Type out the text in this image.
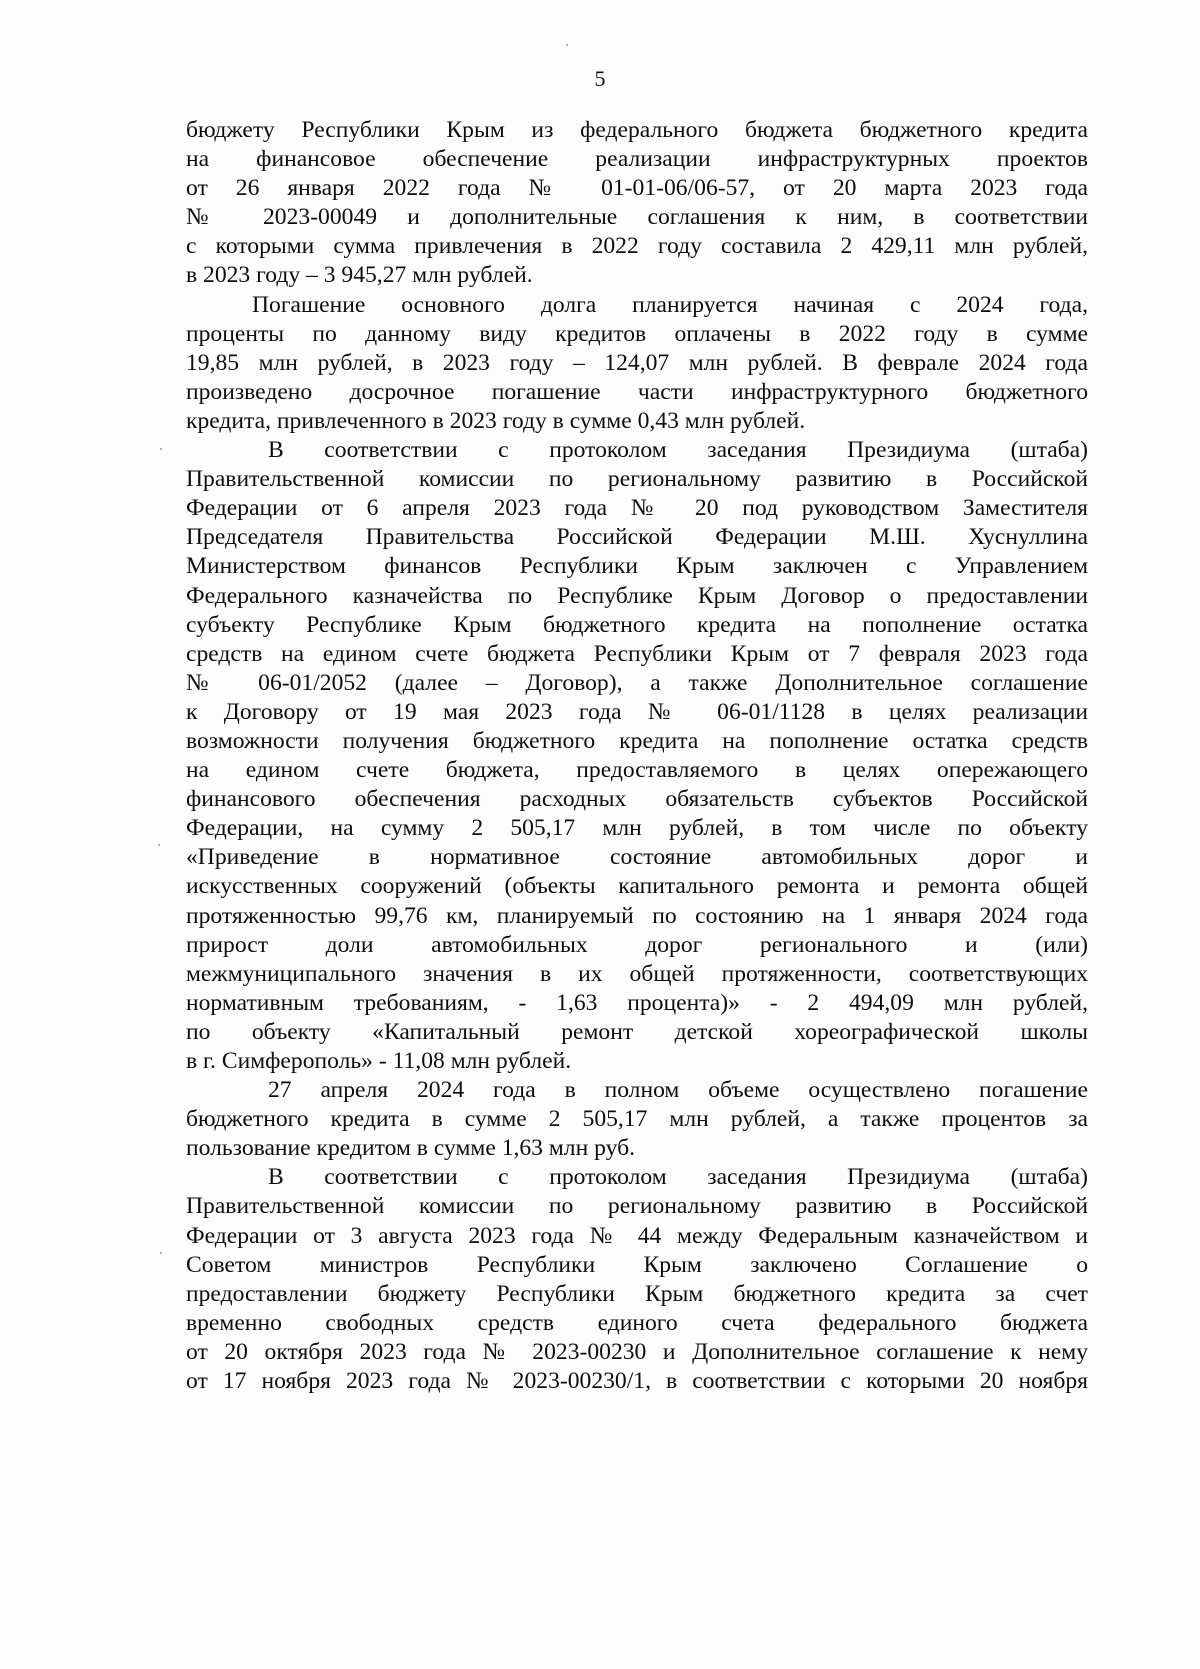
5
бюджету Республики Крым из федерального бюджета бюджетного кредита
на финансовое обеспечение реализации инфраструктурных проектов
от 26 января 2022 года № 01-01-06/06-57, от 20 марта 2023 года
№ 2023-00049 и дополнительные соглашения к ним, в соответствии
с которыми сумма привлечения в 2022 году составила 2 429,11 млн рублей,
в 2023 году – 3 945,27 млн рублей.
Погашение основного долга планируется начиная с 2024 года,
проценты по данному виду кредитов оплачены в 2022 году в сумме
19,85 млн рублей, в 2023 году – 124,07 млн рублей. В феврале 2024 года
произведено досрочное погашение части инфраструктурного бюджетного
кредита, привлеченного в 2023 году в сумме 0,43 млн рублей.
В соответствии с протоколом заседания Президиума (штаба)
Правительственной комиссии по региональному развитию в Российской
Федерации от 6 апреля 2023 года № 20 под руководством Заместителя
Председателя Правительства Российской Федерации М.Ш. Хуснуллина
Министерством финансов Республики Крым заключен с Управлением
Федерального казначейства по Республике Крым Договор о предоставлении
субъекту Республике Крым бюджетного кредита на пополнение остатка
средств на едином счете бюджета Республики Крым от 7 февраля 2023 года
№ 06-01/2052 (далее – Договор), а также Дополнительное соглашение
к Договору от 19 мая 2023 года № 06-01/1128 в целях реализации
возможности получения бюджетного кредита на пополнение остатка средств
на едином счете бюджета, предоставляемого в целях опережающего
финансового обеспечения расходных обязательств субъектов Российской
Федерации, на сумму 2 505,17 млн рублей, в том числе по объекту
«Приведение в нормативное состояние автомобильных дорог и
искусственных сооружений (объекты капитального ремонта и ремонта общей
протяженностью 99,76 км, планируемый по состоянию на 1 января 2024 года
прирост доли автомобильных дорог регионального и (или)
межмуниципального значения в их общей протяженности, соответствующих
нормативным требованиям, - 1,63 процента)» - 2 494,09 млн рублей,
по объекту «Капитальный ремонт детской хореографической школы
в г. Симферополь» - 11,08 млн рублей.
27 апреля 2024 года в полном объеме осуществлено погашение
бюджетного кредита в сумме 2 505,17 млн рублей, а также процентов за
пользование кредитом в сумме 1,63 млн руб.
В соответствии с протоколом заседания Президиума (штаба)
Правительственной комиссии по региональному развитию в Российской
Федерации от 3 августа 2023 года № 44 между Федеральным казначейством и
Советом министров Республики Крым заключено Соглашение о
предоставлении бюджету Республики Крым бюджетного кредита за счет
временно свободных средств единого счета федерального бюджета
от 20 октября 2023 года № 2023-00230 и Дополнительное соглашение к нему
от 17 ноября 2023 года № 2023-00230/1, в соответствии с которыми 20 ноября
